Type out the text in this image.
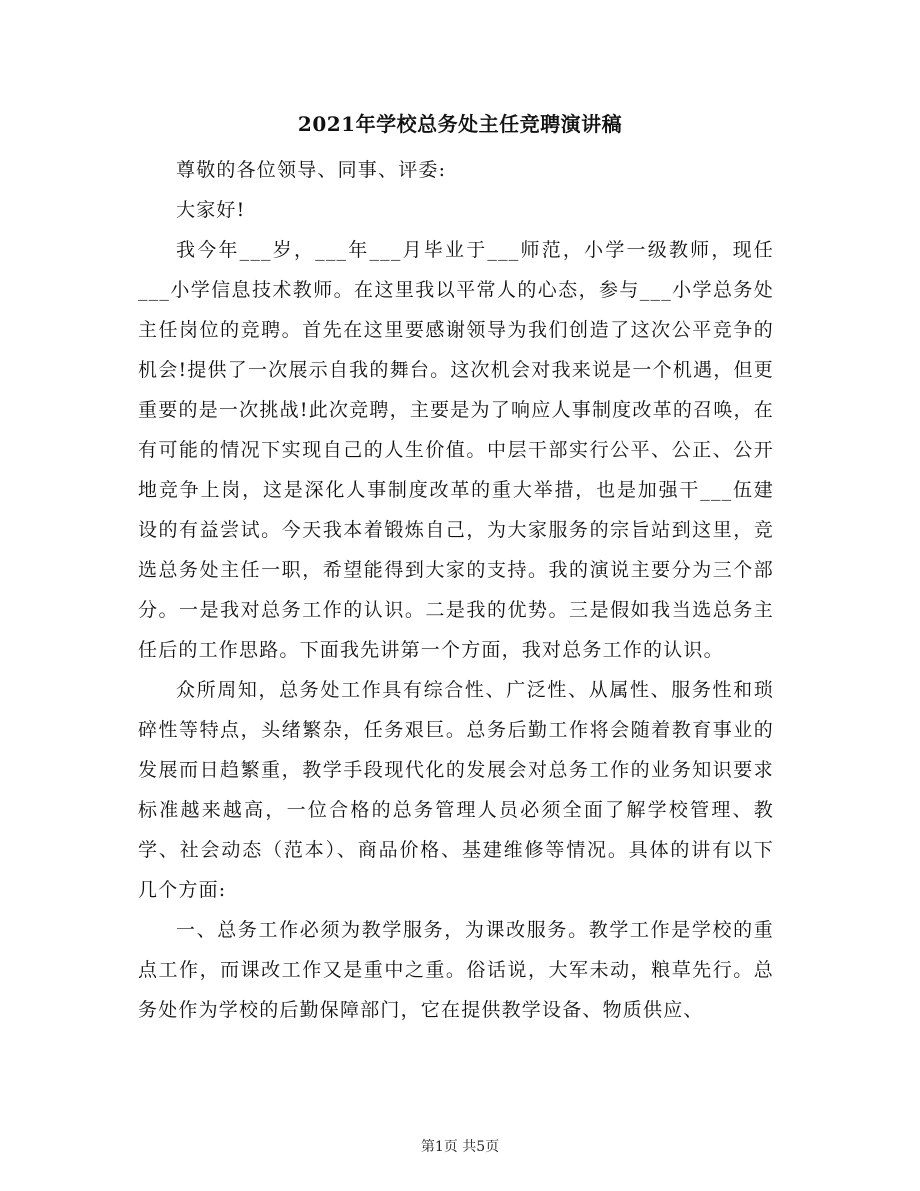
2021年学校总务处主任竞聘演讲稿

尊敬的各位领导、同事、评委:

大家好!

我今年___岁，___年___月毕业于___师范，小学一级教师，现任___小学信息技术教师。在这里我以平常人的心态，参与___小学总务处主任岗位的竞聘。首先在这里要感谢领导为我们创造了这次公平竞争的机会!提供了一次展示自我的舞台。这次机会对我来说是一个机遇，但更重要的是一次挑战!此次竞聘，主要是为了响应人事制度改革的召唤，在有可能的情况下实现自己的人生价值。中层干部实行公平、公正、公开地竞争上岗，这是深化人事制度改革的重大举措，也是加强干___伍建设的有益尝试。今天我本着锻炼自己，为大家服务的宗旨站到这里，竞选总务处主任一职，希望能得到大家的支持。我的演说主要分为三个部分。一是我对总务工作的认识。二是我的优势。三是假如我当选总务主任后的工作思路。下面我先讲第一个方面，我对总务工作的认识。

众所周知，总务处工作具有综合性、广泛性、从属性、服务性和琐碎性等特点，头绪繁杂，任务艰巨。总务后勤工作将会随着教育事业的发展而日趋繁重，教学手段现代化的发展会对总务工作的业务知识要求标准越来越高，一位合格的总务管理人员必须全面了解学校管理、教学、社会动态（范本）、商品价格、基建维修等情况。具体的讲有以下几个方面:

一、总务工作必须为教学服务，为课改服务。教学工作是学校的重点工作，而课改工作又是重中之重。俗话说，大军未动，粮草先行。总务处作为学校的后勤保障部门，它在提供教学设备、物质供应、

第1页 共5页
